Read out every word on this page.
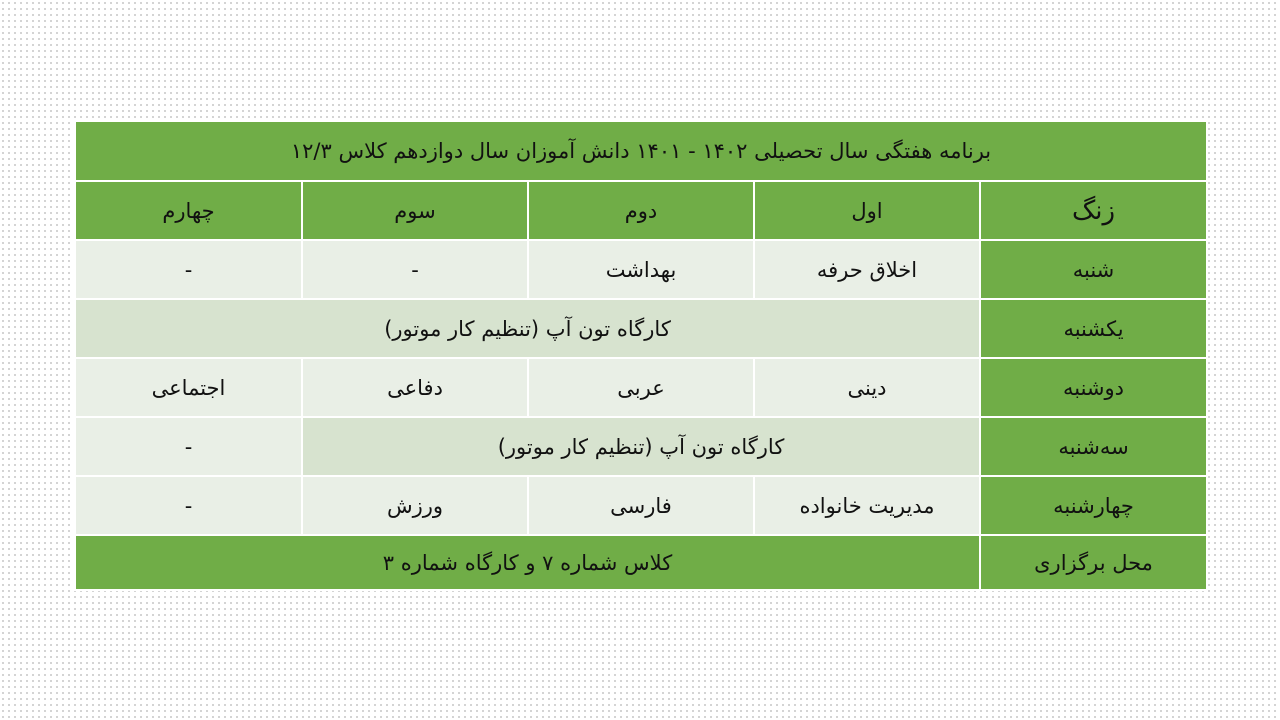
برنامه هفتگی سال تحصیلی ۱۴۰۲ - ۱۴۰۱ دانش آموزان سال دوازدهم کلاس ۱۲/۳				
زنگ	اول	دوم	سوم	چهارم
شنبه	اخلاق حرفه	بهداشت	-	-
یکشنبه	کارگاه تون آپ (تنظیم کار موتور)			
دوشنبه	دینی	عربی	دفاعی	اجتماعی
سه‌شنبه	کارگاه تون آپ (تنظیم کار موتور)			-
چهارشنبه	مدیریت خانواده	فارسی	ورزش	-
محل برگزاری	کلاس شماره ۷ و کارگاه شماره ۳			
